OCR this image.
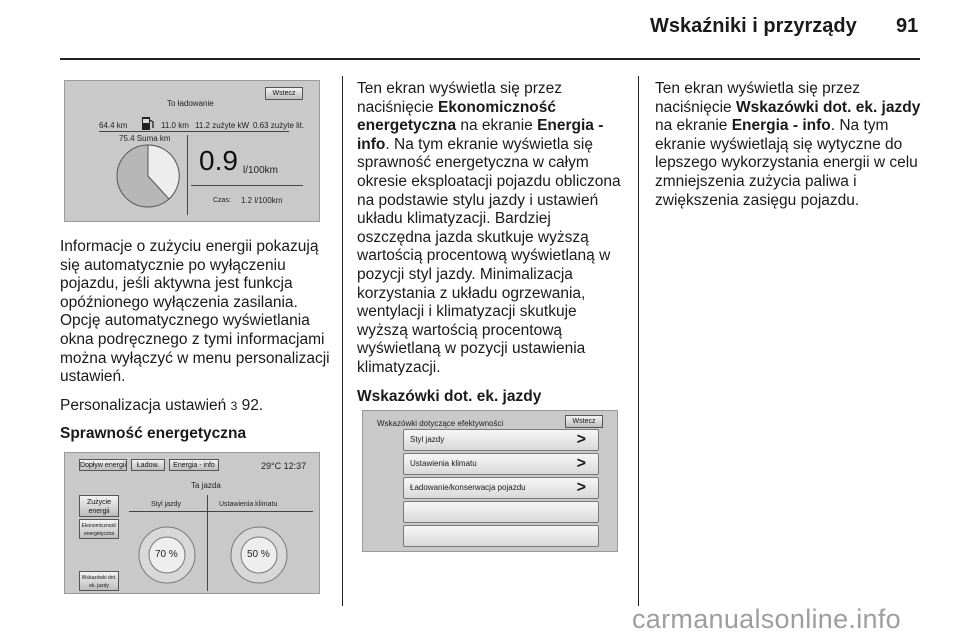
Wskaźniki i przyrządy 91
Wstecz
To ładowanie
64.4 km	11.0 km 11.2 zużyte kW 0.63 zużyte lit.
75.4 Suma km
0.9 l/100km
Czas: 1.2 l/100km

Informacje o zużyciu energii pokazują się automatycznie po wyłączeniu pojazdu, jeśli aktywna jest funkcja opóźnionego wyłączenia zasilania. Opcję automatycznego wyświetlania okna podręcznego z tymi informacjami można wyłączyć w menu personalizacji ustawień.

Personalizacja ustawień 3 92.

Sprawność energetyczna
Dopływ energii	Ładow.	Energia - info	29°C 12:37
Ta jazda
Styl jazdy	Ustawienia klimatu
Zużycie energii
Ekonomiczność energetyczna
Wskazówki dot. ek. jazdy
70 %	50 %

Ten ekran wyświetla się przez naciśnięcie Ekonomiczność energetyczna na ekranie Energia - info. Na tym ekranie wyświetla się sprawność energetyczna w całym okresie eksploatacji pojazdu obliczona na podstawie stylu jazdy i ustawień układu klimatyzacji. Bardziej oszczędna jazda skutkuje wyższą wartością procentową wyświetlaną w pozycji styl jazdy. Minimalizacja korzystania z układu ogrzewania, wentylacji i klimatyzacji skutkuje wyższą wartością procentową wyświetlaną w pozycji ustawienia klimatyzacji.

Wskazówki dot. ek. jazdy
Wskazówki dotyczące efektywności	Wstecz
Styl jazdy	>
Ustawienia klimatu	>
Ładowanie/konserwacja pojazdu	>

Ten ekran wyświetla się przez naciśnięcie Wskazówki dot. ek. jazdy na ekranie Energia - info. Na tym ekranie wyświetlają się wytyczne do lepszego wykorzystania energii w celu zmniejszenia zużycia paliwa i zwiększenia zasięgu pojazdu.

carmanualsonline.info
